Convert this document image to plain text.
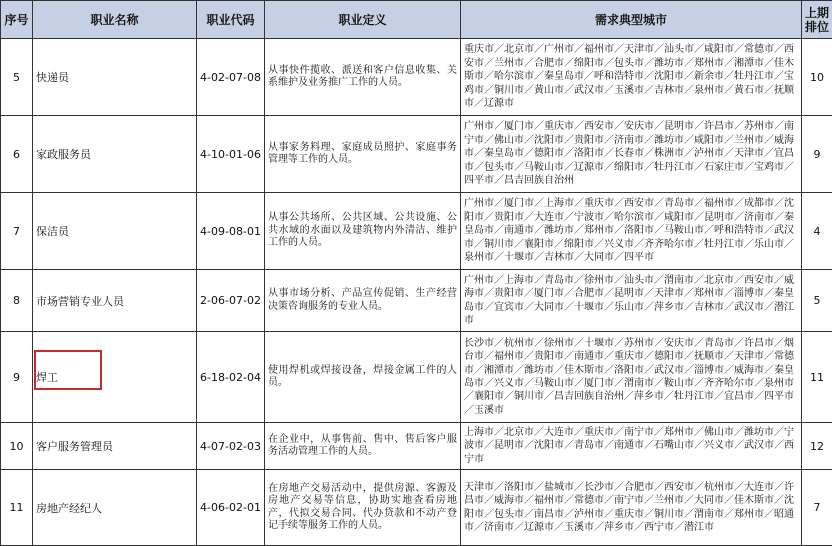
序号	职业名称	职业代码	职业定义	需求典型城市	上期排位
5	快递员	4-02-07-08	从事快件揽收、派送和客户信息收集、关系维护及业务推广工作的人员。	重庆市／北京市／广州市／福州市／天津市／汕头市／咸阳市／常德市／西安市／兰州市／合肥市／绵阳市／包头市／潍坊市／郑州市／湘潭市／佳木斯市／哈尔滨市／秦皇岛市／呼和浩特市／沈阳市／新余市／牡丹江市／宝鸡市／铜川市／黄山市／武汉市／玉溪市／吉林市／泉州市／黄石市／抚顺市／辽源市	10
6	家政服务员	4-10-01-06	从事家务料理、家庭成员照护、家庭事务管理等工作的人员。	广州市／厦门市／重庆市／西安市／安庆市／昆明市／许昌市／苏州市／南宁市／佛山市／沈阳市／贵阳市／济南市／潍坊市／咸阳市／兰州市／威海市／秦皇岛市／德阳市／洛阳市／长春市／株洲市／泸州市／天津市／宜昌市／包头市／马鞍山市／辽源市／绵阳市／牡丹江市／石家庄市／宝鸡市／四平市／昌吉回族自治州	9
7	保洁员	4-09-08-01	从事公共场所、公共区域、公共设施、公共水域的水面以及建筑物内外清洁、维护工作的人员。	广州市／厦门市／上海市／重庆市／西安市／青岛市／福州市／成都市／沈阳市／贵阳市／大连市／宁波市／哈尔滨市／咸阳市／昆明市／济南市／秦皇岛市／南通市／潍坊市／郑州市／洛阳市／马鞍山市／呼和浩特市／武汉市／铜川市／襄阳市／绵阳市／兴义市／齐齐哈尔市／牡丹江市／乐山市／泉州市／十堰市／吉林市／大同市／四平市	4
8	市场营销专业人员	2-06-07-02	从事市场分析、产品宣传促销、生产经营决策咨询服务的专业人员。	广州市／上海市／青岛市／徐州市／汕头市／渭南市／北京市／西安市／威海市／贵阳市／厦门市／合肥市／昆明市／天津市／郑州市／淄博市／秦皇岛市／宜宾市／大同市／十堰市／乐山市／萍乡市／吉林市／武汉市／潜江市	5
9	焊工	6-18-02-04	使用焊机或焊接设备，焊接金属工件的人员。	长沙市／杭州市／徐州市／十堰市／苏州市／安庆市／青岛市／许昌市／烟台市／福州市／贵阳市／南通市／重庆市／德阳市／抚顺市／天津市／常德市／湘潭市／潍坊市／佳木斯市／洛阳市／武汉市／淄博市／威海市／秦皇岛市／兴义市／马鞍山市／厦门市／渭南市／鞍山市／齐齐哈尔市／泉州市／襄阳市／铜川市／昌吉回族自治州／萍乡市／牡丹江市／宜昌市／四平市／玉溪市	11
10	客户服务管理员	4-07-02-03	在企业中，从事售前、售中、售后客户服务活动管理工作的人员。	上海市／北京市／大连市／重庆市／南宁市／郑州市／佛山市／潍坊市／宁波市／昆明市／沈阳市／青岛市／南通市／石嘴山市／兴义市／武汉市／西宁市	12
11	房地产经纪人	4-06-02-01	在房地产交易活动中，提供房源、客源及房地产交易等信息，协助实地查看房地产，代拟交易合同、代办贷款和不动产登记手续等服务工作的人员。	天津市／洛阳市／盐城市／长沙市／合肥市／西安市／杭州市／大连市／许昌市／威海市／福州市／常德市／南宁市／兰州市／大同市／佳木斯市／沈阳市／包头市／南昌市／泸州市／重庆市／铜川市／渭南市／郑州市／昭通市／济南市／辽源市／玉溪市／萍乡市／西宁市／潜江市	7
